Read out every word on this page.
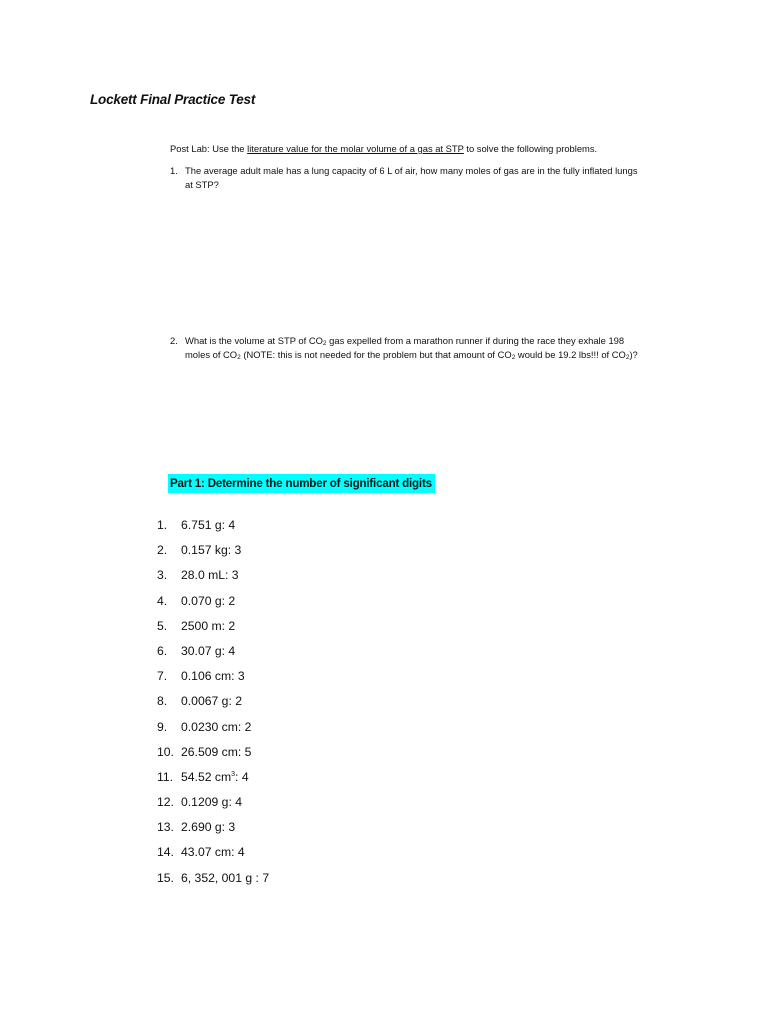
Lockett Final Practice Test
Post Lab: Use the literature value for the molar volume of a gas at STP to solve the following problems.
1. The average adult male has a lung capacity of 6 L of air, how many moles of gas are in the fully inflated lungs at STP?
2. What is the volume at STP of $CO_2$ gas expelled from a marathon runner if during the race they exhale 198 moles of $CO_2$ (NOTE: this is not needed for the problem but that amount of $CO_2$ would be 19.2 lbs!!! of $CO_2$)?
Part 1: Determine the number of significant digits
1. 6.751 g: 4
2. 0.157 kg: 3
3. 28.0 mL: 3
4. 0.070 g: 2
5. 2500 m: 2
6. 30.07 g: 4
7. 0.106 cm: 3
8. 0.0067 g: 2
9. 0.0230 cm: 2
10. 26.509 cm: 5
11. 54.52 $cm^3$: 4
12. 0.1209 g: 4
13. 2.690 g: 3
14. 43.07 cm: 4
15. 6, 352, 001 g : 7
